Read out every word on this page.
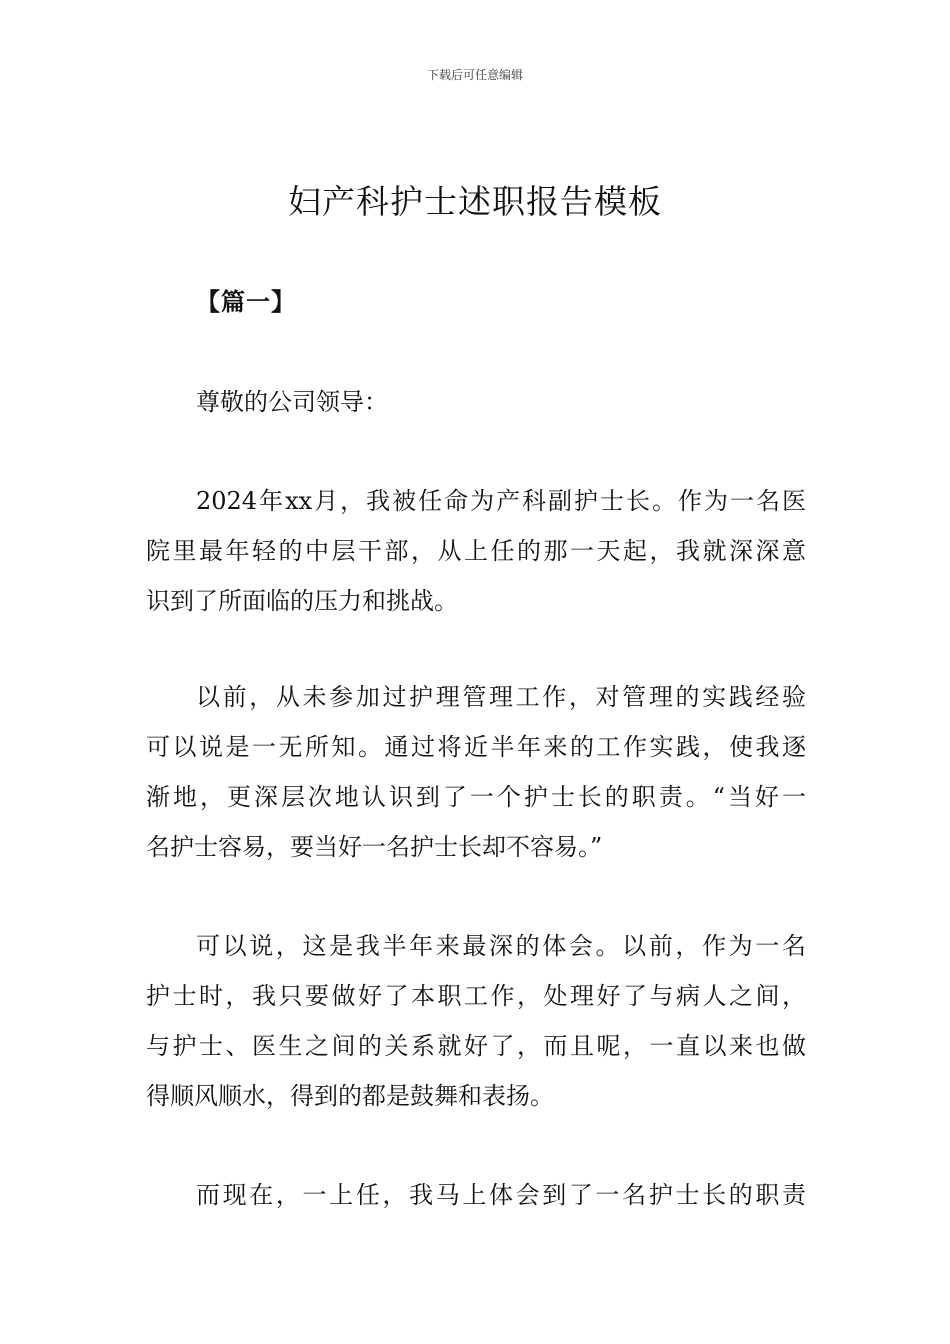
下载后可任意编辑
妇产科护士述职报告模板
【篇一】
尊敬的公司领导：
2024年xx月，我被任命为产科副护士长。作为一名医
院里最年轻的中层干部，从上任的那一天起，我就深深意
识到了所面临的压力和挑战。
以前，从未参加过护理管理工作，对管理的实践经验
可以说是一无所知。通过将近半年来的工作实践，使我逐
渐地，更深层次地认识到了一个护士长的职责。“当好一
名护士容易，要当好一名护士长却不容易。”
可以说，这是我半年来最深的体会。以前，作为一名
护士时，我只要做好了本职工作，处理好了与病人之间，
与护士、医生之间的关系就好了，而且呢，一直以来也做
得顺风顺水，得到的都是鼓舞和表扬。
而现在，一上任，我马上体会到了一名护士长的职责
